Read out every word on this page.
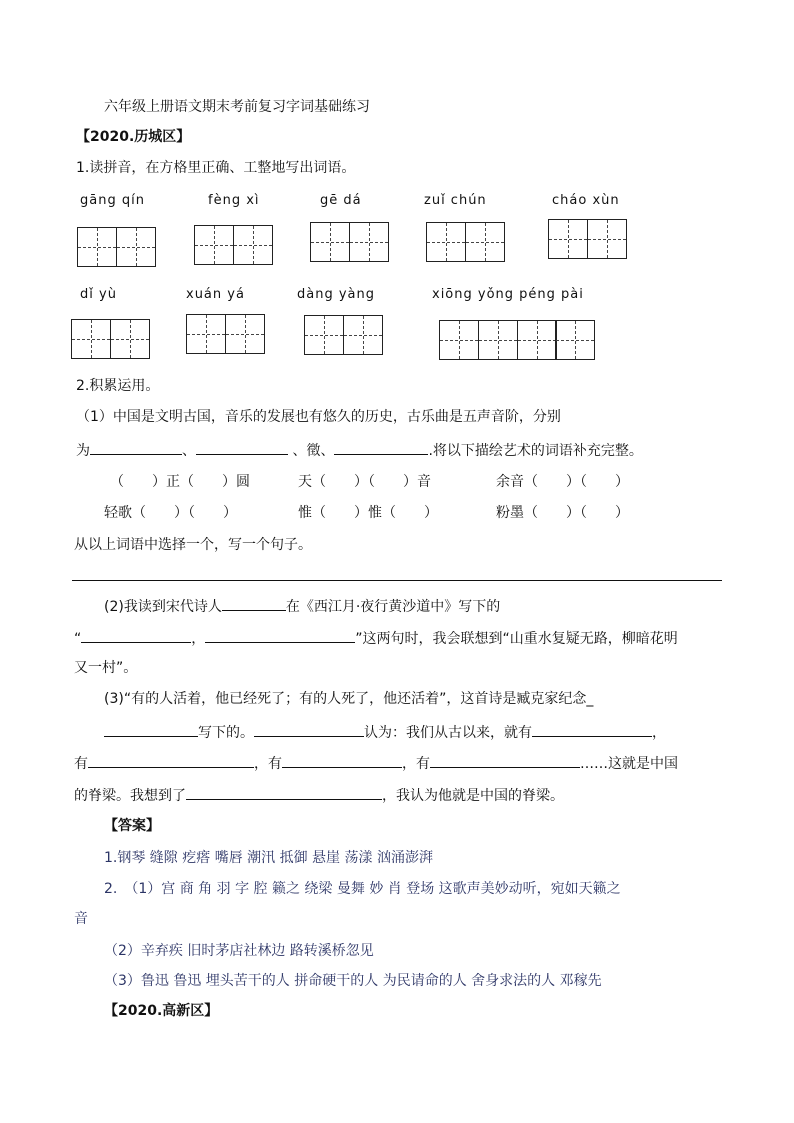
六年级上册语文期末考前复习字词基础练习
【2020.历城区】
1.读拼音，在方格里正确、工整地写出词语。
gāng qín	fèng xì	gē dá	zuǐ chún	cháo xùn
dǐ yù	xuán yá	dàng yàng	xiōng yǒng péng pài
2.积累运用。
（1）中国是文明古国，音乐的发展也有悠久的历史，古乐曲是五声音阶，分别
为	、	、徵、	.将以下描绘艺术的词语补充完整。
（　　）正（　　）圆	天（　　）（　　）音	余音（　　）（　　）
轻歌（　　）（　　）	惟（　　）惟（　　）	粉墨（　　）（　　）
从以上词语中选择一个，写一个句子。
(2)我读到宋代诗人	在《西江月·夜行黄沙道中》写下的
“	，	”这两句时，我会联想到“山重水复疑无路，柳暗花明
又一村”。
(3)“有的人活着，他已经死了；有的人死了，他还活着”，这首诗是臧克家纪念_
写下的。	认为：我们从古以来，就有	，
有	，有	，有	……这就是中国
的脊梁。我想到了	，我认为他就是中国的脊梁。
【答案】
1.钢琴 缝隙 疙瘩 嘴唇 潮汛 抵御 悬崖 荡漾 汹涌澎湃
2.　（1）宫 商 角 羽 字 腔 籁之 绕梁 曼舞 妙 肖 登场 这歌声美妙动听，宛如天籁之
音
（2）辛弃疾 旧时茅店社林边 路转溪桥忽见
（3）鲁迅 鲁迅 埋头苦干的人 拼命硬干的人 为民请命的人 舍身求法的人 邓稼先
【2020.高新区】
